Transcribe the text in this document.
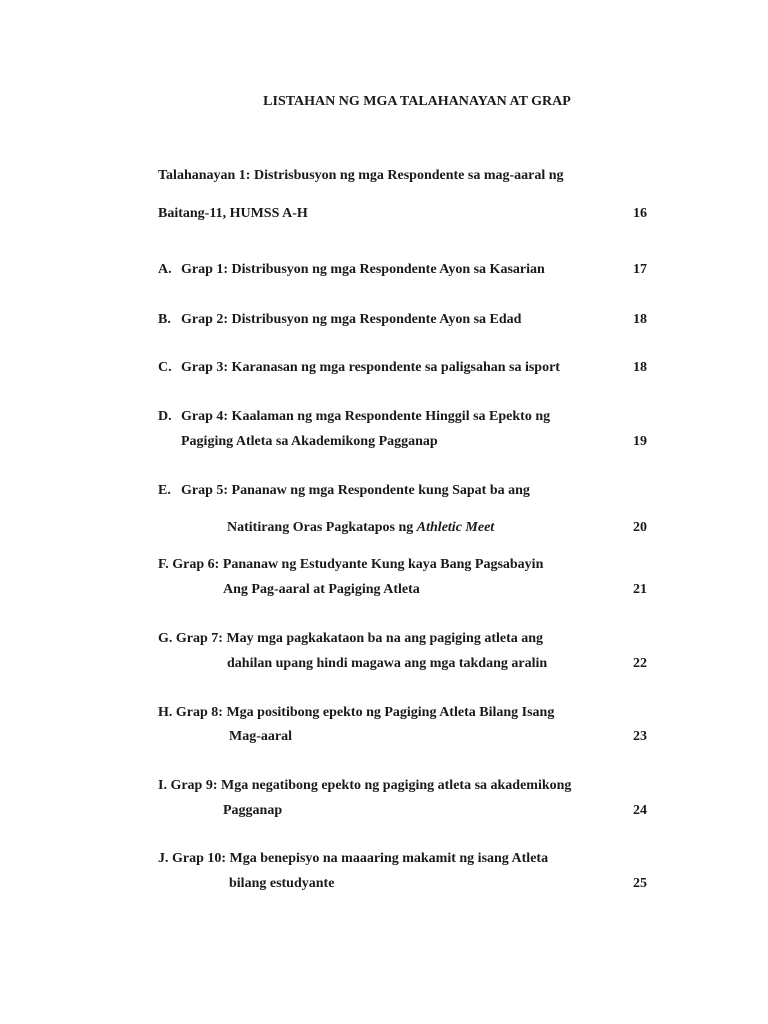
LISTAHAN NG MGA TALAHANAYAN AT GRAP
Talahanayan 1: Distrisbusyon ng mga Respondente sa mag-aaral ng
Baitang-11, HUMSS A-H	16
A. Grap 1: Distribusyon ng mga Respondente Ayon sa Kasarian	17
B. Grap 2: Distribusyon ng mga Respondente Ayon sa Edad	18
C. Grap 3: Karanasan ng mga respondente sa paligsahan sa isport	18
D. Grap 4: Kaalaman ng mga Respondente Hinggil sa Epekto ng
Pagiging Atleta sa Akademikong Pagganap	19
E. Grap 5: Pananaw ng mga Respondente kung Sapat ba ang
Natitirang Oras Pagkatapos ng Athletic Meet	20
F. Grap 6: Pananaw ng Estudyante Kung kaya Bang Pagsabayin
Ang Pag-aaral at Pagiging Atleta	21
G. Grap 7: May mga pagkakataon ba na ang pagiging atleta ang
dahilan upang hindi magawa ang mga takdang aralin	22
H. Grap 8: Mga positibong epekto ng Pagiging Atleta Bilang Isang
Mag-aaral	23
I. Grap 9: Mga negatibong epekto ng pagiging atleta sa akademikong
Pagganap	24
J. Grap 10: Mga benepisyo na maaaring makamit ng isang Atleta
bilang estudyante	25
